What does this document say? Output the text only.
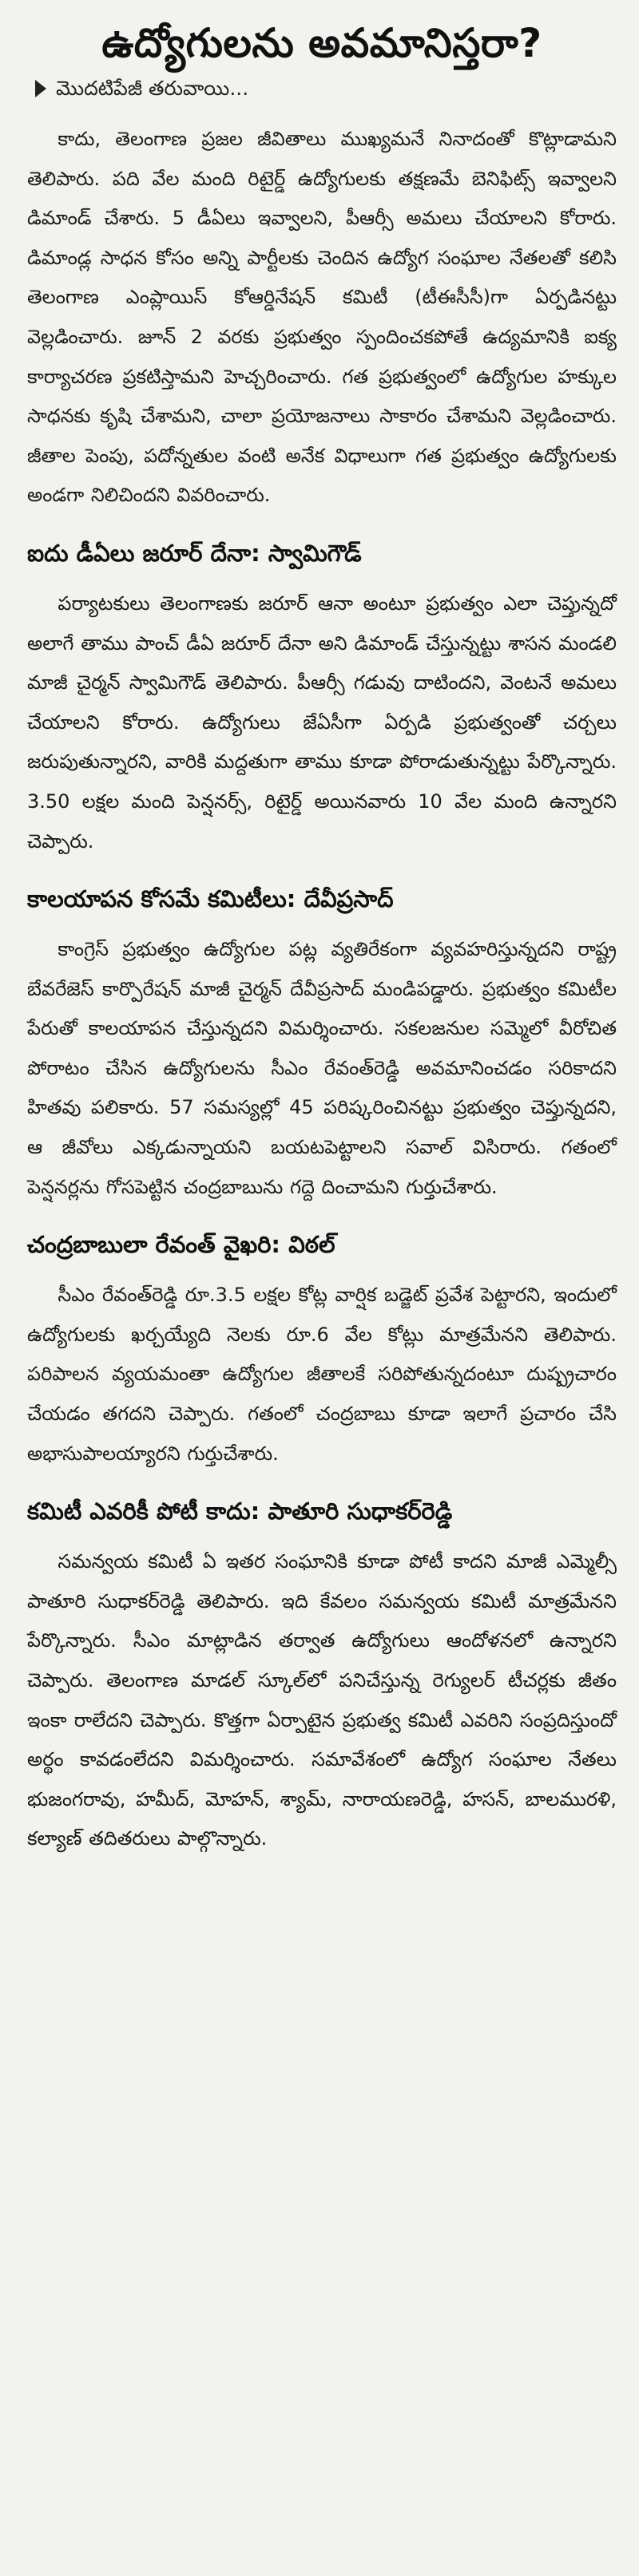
ఉద్యోగులను అవమానిస్తరా?
మొదటిపేజీ తరువాయి...

కాదు, తెలంగాణ ప్రజల జీవితాలు ముఖ్యమనే నినాదంతో కొట్లాడామని తెలిపారు. పది వేల మంది రిటైర్డ్ ఉద్యోగులకు తక్షణమే బెనిఫిట్స్ ఇవ్వాలని డిమాండ్ చేశారు. 5 డీఏలు ఇవ్వాలని, పీఆర్సీ అమలు చేయాలని కోరారు. డిమాండ్ల సాధన కోసం అన్ని పార్టీలకు చెందిన ఉద్యోగ సంఘాల నేతలతో కలిసి తెలంగాణ ఎంప్లాయిస్ కోఆర్డినేషన్ కమిటీ (టీఈసీసీ)గా ఏర్పడినట్టు వెల్లడించారు. జూన్ 2 వరకు ప్రభుత్వం స్పందించకపోతే ఉద్యమానికి ఐక్య కార్యాచరణ ప్రకటిస్తామని హెచ్చరించారు. గత ప్రభుత్వంలో ఉద్యోగుల హక్కుల సాధనకు కృషి చేశామని, చాలా ప్రయోజనాలు సాకారం చేశామని వెల్లడించారు. జీతాల పెంపు, పదోన్నతుల వంటి అనేక విధాలుగా గత ప్రభుత్వం ఉద్యోగులకు అండగా నిలిచిందని వివరించారు.

ఐదు డీఏలు జరూర్ దేనా: స్వామిగౌడ్

పర్యాటకులు తెలంగాణకు జరూర్ ఆనా అంటూ ప్రభుత్వం ఎలా చెప్తున్నదో అలాగే తాము పాంచ్ డీఏ జరూర్ దేనా అని డిమాండ్ చేస్తున్నట్టు శాసన మండలి మాజీ చైర్మన్ స్వామిగౌడ్ తెలిపారు. పీఆర్సీ గడువు దాటిందని, వెంటనే అమలు చేయాలని కోరారు. ఉద్యోగులు జేఏసీగా ఏర్పడి ప్రభుత్వంతో చర్చలు జరుపుతున్నారని, వారికి మద్దతుగా తాము కూడా పోరాడుతున్నట్టు పేర్కొన్నారు. 3.50 లక్షల మంది పెన్షనర్స్, రిటైర్డ్ అయినవారు 10 వేల మంది ఉన్నారని చెప్పారు.

కాలయాపన కోసమే కమిటీలు: దేవీప్రసాద్

కాంగ్రెస్ ప్రభుత్వం ఉద్యోగుల పట్ల వ్యతిరేకంగా వ్యవహరిస్తున్నదని రాష్ట్ర బేవరేజెస్ కార్పొరేషన్ మాజీ చైర్మన్ దేవీప్రసాద్ మండిపడ్డారు. ప్రభుత్వం కమిటీల పేరుతో కాలయాపన చేస్తున్నదని విమర్శించారు. సకలజనుల సమ్మెలో వీరోచిత పోరాటం చేసిన ఉద్యోగులను సీఎం రేవంత్‌రెడ్డి అవమానించడం సరికాదని హితవు పలికారు. 57 సమస్యల్లో 45 పరిష్కరించినట్టు ప్రభుత్వం చెప్తున్నదని, ఆ జీవోలు ఎక్కడున్నాయని బయటపెట్టాలని సవాల్ విసిరారు. గతంలో పెన్షనర్లను గోసపెట్టిన చంద్రబాబును గద్దె దించామని గుర్తుచేశారు.

చంద్రబాబులా రేవంత్ వైఖరి: విఠల్

సీఎం రేవంత్‌రెడ్డి రూ.3.5 లక్షల కోట్ల వార్షిక బడ్జెట్ ప్రవేశ పెట్టారని, ఇందులో ఉద్యోగులకు ఖర్చయ్యేది నెలకు రూ.6 వేల కోట్లు మాత్రమేనని తెలిపారు. పరిపాలన వ్యయమంతా ఉద్యోగుల జీతాలకే సరిపోతున్నదంటూ దుష్ప్రచారం చేయడం తగదని చెప్పారు. గతంలో చంద్రబాబు కూడా ఇలాగే ప్రచారం చేసి అభాసుపాలయ్యారని గుర్తుచేశారు.

కమిటీ ఎవరికీ పోటీ కాదు: పాతూరి సుధాకర్‌రెడ్డి

సమన్వయ కమిటీ ఏ ఇతర సంఘానికి కూడా పోటీ కాదని మాజీ ఎమ్మెల్సీ పాతూరి సుధాకర్‌రెడ్డి తెలిపారు. ఇది కేవలం సమన్వయ కమిటీ మాత్రమేనని పేర్కొన్నారు. సీఎం మాట్లాడిన తర్వాత ఉద్యోగులు ఆందోళనలో ఉన్నారని చెప్పారు. తెలంగాణ మాడల్ స్కూల్‌లో పనిచేస్తున్న రెగ్యులర్ టీచర్లకు జీతం ఇంకా రాలేదని చెప్పారు. కొత్తగా ఏర్పాటైన ప్రభుత్వ కమిటీ ఎవరిని సంప్రదిస్తుందో అర్థం కావడంలేదని విమర్శించారు. సమావేశంలో ఉద్యోగ సంఘాల నేతలు భుజంగరావు, హమీద్, మోహన్, శ్యామ్, నారాయణరెడ్డి, హసన్, బాలమురళి, కల్యాణ్ తదితరులు పాల్గొన్నారు.
